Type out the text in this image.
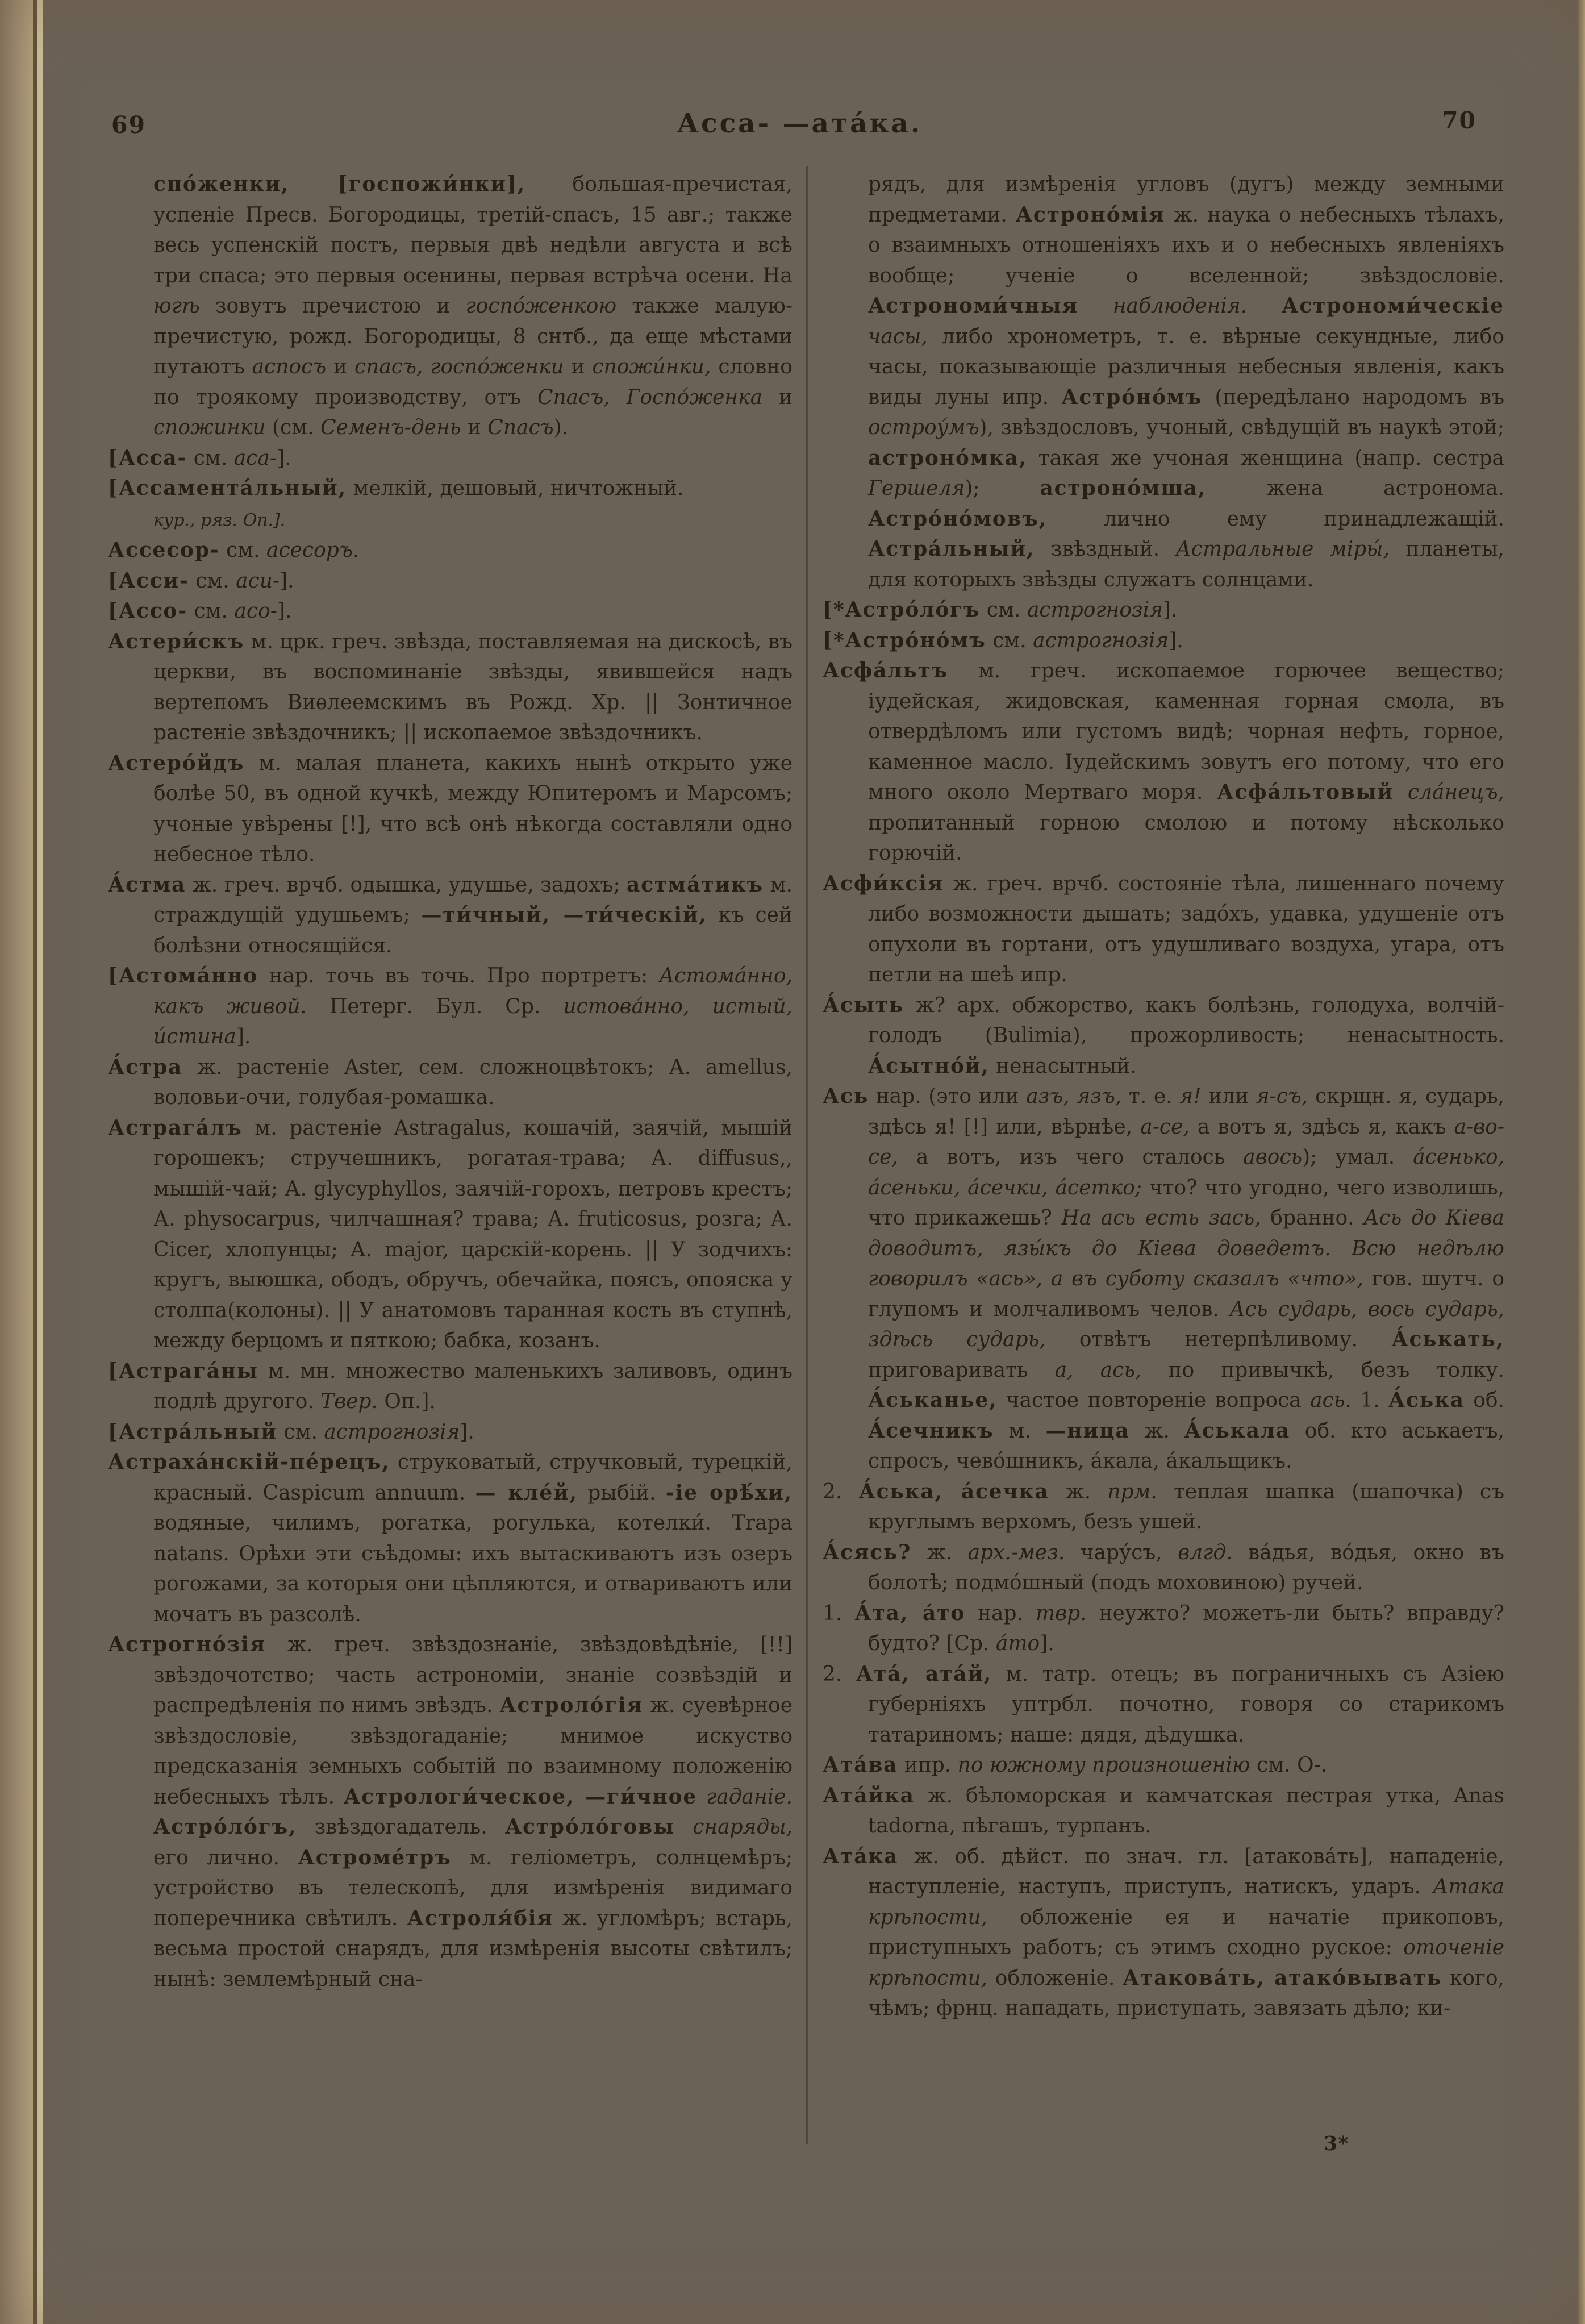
69	Асса- —ата́ка.	70
спо́женки, [госпожи́нки], большая-пречистая, успеніе Пресв. Богородицы, третій-спасъ, 15 авг.; также весь успенскій постъ, первыя двѣ недѣли августа и всѣ три спаса; это первыя осенины, первая встрѣча осени. На югѣ зовутъ пречистою и госпо́женкою также малую-пречистую, рожд. Богородицы, 8 снтб., да еще мѣстами путаютъ аспосъ и спасъ, госпо́женки и спожи́нки, словно по троякому производству, отъ Спасъ, Госпо́женка и спожинки (см. Семенъ-день и Спасъ).
[Асса- см. аса-].
[Ассамента́льный, мелкій, дешовый, ничтожный.
кур., ряз. Оп.].
Ассесор- см. асесоръ.
[Асси- см. аси-].
[Ассо- см. асо-].
Астери́скъ м. црк. греч. звѣзда, поставляемая на дискосѣ, въ церкви, въ воспоминаніе звѣзды, явившейся надъ вертепомъ Виѳлеемскимъ въ Рожд. Хр. || Зонтичное растеніе звѣздочникъ; || ископаемое звѣздочникъ.
Астеро́йдъ м. малая планета, какихъ нынѣ открыто уже болѣе 50, въ одной кучкѣ, между Юпитеромъ и Марсомъ; учоные увѣрены [!], что всѣ онѣ нѣкогда составляли одно небесное тѣло.
А́стма ж. греч. врчб. одышка, удушье, задохъ; астма́тикъ м. страждущій удушьемъ; —ти́чный, —ти́ческій, къ сей болѣзни относящійся.
[Астома́нно нар. точь въ точь. Про портретъ: Астома́нно, какъ живой. Петерг. Бул. Ср. истова́нно, истый, и́стина].
А́стра ж. растеніе Aster, сем. сложноцвѣтокъ; А. amellus, воловьи-очи, голубая-ромашка.
Астрага́лъ м. растеніе Astragalus, кошачій, заячій, мышій горошекъ; стручешникъ, рогатая-трава; А. diffusus,, мышій-чай; А. glycyphyllos, заячій-горохъ, петровъ крестъ; А. physocarpus, чилчашная? трава; А. fruticosus, розга; А. Cicer, хлопунцы; А. major, царскій-корень. || У зодчихъ: кругъ, выюшка, ободъ, обручъ, обечайка, поясъ, опояска у столпа(колоны). || У анатомовъ таранная кость въ ступнѣ, между берцомъ и пяткою; бабка, козанъ.
[Астрага́ны м. мн. множество маленькихъ заливовъ, одинъ подлѣ другого. Твер. Оп.].
[Астра́льный см. астрогнозія].
Астраха́нскій-пе́рецъ, струковатый, стручковый, турецкій, красный. Caspicum annuum. — кле́й, рыбій. -іе орѣ́хи, водяные, чилимъ, рогатка, рогулька, котелки́. Trapa natans. Орѣхи эти съѣдомы: ихъ вытаскиваютъ изъ озеръ рогожами, за которыя они цѣпляются, и отвариваютъ или мочатъ въ разсолѣ.
Астрогно́зія ж. греч. звѣздознаніе, звѣздовѣдѣніе, [!!] звѣздочотство; часть астрономіи, знаніе созвѣздій и распредѣленія по нимъ звѣздъ. Астроло́гія ж. суевѣрное звѣздословіе, звѣздогаданіе; мнимое искуство предсказанія земныхъ событій по взаимному положенію небесныхъ тѣлъ. Астрологи́ческое, —ги́чное гаданіе. Астро́ло́гъ, звѣздогадатель. Астро́ло́говы снаряды, его лично. Астроме́тръ м. геліометръ, солнцемѣръ; устройство въ телескопѣ, для измѣренія видимаго поперечника свѣтилъ. Астроля́бія ж. угломѣръ; встарь, весьма простой снарядъ, для измѣренія высоты свѣтилъ; нынѣ: землемѣрный сна-
рядъ, для измѣренія угловъ (дугъ) между земными предметами. Астроно́мія ж. наука о небесныхъ тѣлахъ, о взаимныхъ отношеніяхъ ихъ и о небесныхъ явленіяхъ вообще; ученіе о вселенной; звѣздословіе. Астрономи́чныя наблюденія. Астрономи́ческіе часы, либо хронометръ, т. е. вѣрные секундные, либо часы, показывающіе различныя небесныя явленія, какъ виды луны ипр. Астро́но́мъ (передѣлано народомъ въ остроу́мъ), звѣздословъ, учоный, свѣдущій въ наукѣ этой; астроно́мка, такая же учоная женщина (напр. сестра Гершеля); астроно́мша, жена астронома. Астро́но́мовъ, лично ему принадлежащій. Астра́льный, звѣздный. Астральные міры́, планеты, для которыхъ звѣзды служатъ солнцами.
[*Астро́ло́гъ см. астрогнозія].
[*Астро́но́мъ см. астрогнозія].
Асфа́льтъ м. греч. ископаемое горючее вещество; іудейская, жидовская, каменная горная смола, въ отвердѣломъ или густомъ видѣ; чорная нефть, горное, каменное масло. Іудейскимъ зовутъ его потому, что его много около Мертваго моря. Асфа́льтовый сла́нецъ, пропитанный горною смолою и потому нѣсколько горючій.
Асфи́ксія ж. греч. врчб. состояніе тѣла, лишеннаго почему либо возможности дышать; задо́хъ, удавка, удушеніе отъ опухоли въ гортани, отъ удушливаго воздуха, угара, отъ петли на шеѣ ипр.
А́сыть ж? арх. обжорство, какъ болѣзнь, голодуха, волчій-голодъ (Bulimia), прожорливость; ненасытность. А́сытно́й, ненасытный.
Ась нар. (это или азъ, язъ, т. е. я! или я-съ, скрщн. я, сударь, здѣсь я! [!] или, вѣрнѣе, а-се, а вотъ я, здѣсь я, какъ а-во-се, а вотъ, изъ чего сталось авось); умал. а́сенько, а́сеньки, а́сечки, а́сетко; что? что угодно, чего изволишь, что прикажешь? На ась есть зась, бранно. Ась до Кіева доводитъ, язы́къ до Кіева доведетъ. Всю недѣлю говорилъ «ась», а въ суботу сказалъ «что», гов. шутч. о глупомъ и молчаливомъ челов. Ась сударь, вось сударь, здѣсь сударь, отвѣтъ нетерпѣливому. А́ськать, приговаривать а, ась, по привычкѣ, безъ толку. А́ськанье, частое повтореніе вопроса ась. 1. А́ська об. А́сечникъ м. —ница ж. А́ськала об. кто аськаетъ, спросъ, чево́шникъ, а́кала, а́кальщикъ.
2. А́ська, а́сечка ж. прм. теплая шапка (шапочка) съ круглымъ верхомъ, безъ ушей.
А́сясь? ж. арх.-мез. чару́съ, влгд. ва́дья, во́дья, окно въ болотѣ; подмо́шный (подъ моховиною) ручей.
1. А́та, а́то нар. твр. неужто? можетъ-ли быть? вправду? будто? [Ср. а́то].
2. Ата́, ата́й, м. татр. отецъ; въ пограничныхъ съ Азіею губерніяхъ уптрбл. почотно, говоря со старикомъ татариномъ; наше: дядя, дѣдушка.
Ата́ва ипр. по южному произношенію см. О-.
Ата́йка ж. бѣломорская и камчатская пестрая утка, Anas tadorna, пѣгашъ, турпанъ.
Ата́ка ж. об. дѣйст. по знач. гл. [атакова́ть], нападеніе, наступленіе, наступъ, приступъ, натискъ, ударъ. Атака крѣпости, обложеніе ея и начатіе прикоповъ, приступныхъ работъ; съ этимъ сходно руское: оточеніе крѣпости, обложеніе. Атакова́ть, атако́вывать кого, чѣмъ; фрнц. нападать, приступать, завязать дѣло; ки-
3*
